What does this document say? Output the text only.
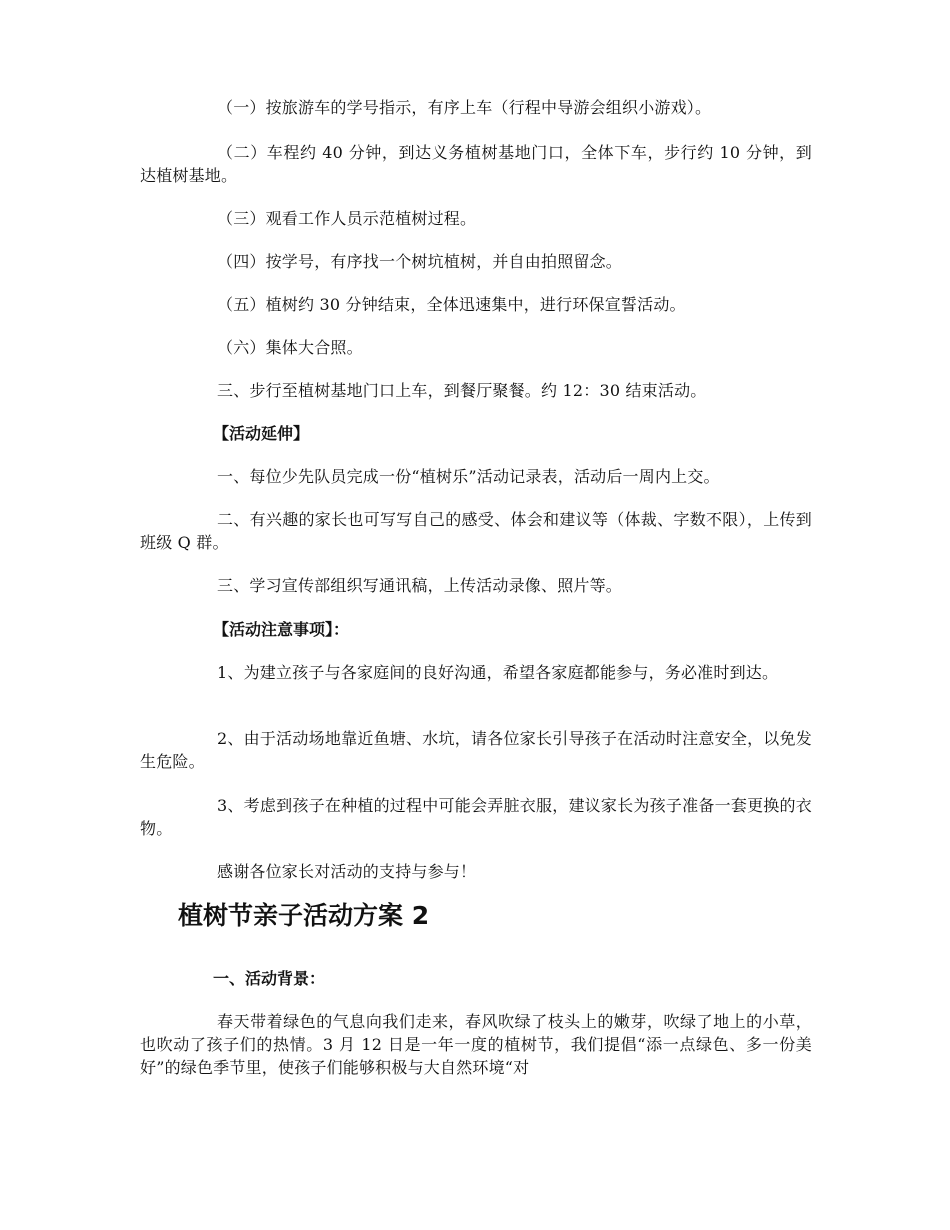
（一）按旅游车的学号指示，有序上车（行程中导游会组织小游戏）。

（二）车程约 40 分钟，到达义务植树基地门口，全体下车，步行约 10 分钟，到达植树基地。

（三）观看工作人员示范植树过程。

（四）按学号，有序找一个树坑植树，并自由拍照留念。

（五）植树约 30 分钟结束，全体迅速集中，进行环保宣誓活动。

（六）集体大合照。

三、步行至植树基地门口上车，到餐厅聚餐。约 12：30 结束活动。

【活动延伸】

一、每位少先队员完成一份“植树乐”活动记录表，活动后一周内上交。

二、有兴趣的家长也可写写自己的感受、体会和建议等（体裁、字数不限），上传到班级 Q 群。

三、学习宣传部组织写通讯稿，上传活动录像、照片等。

【活动注意事项】：

1、为建立孩子与各家庭间的良好沟通，希望各家庭都能参与，务必准时到达。

2、由于活动场地靠近鱼塘、水坑，请各位家长引导孩子在活动时注意安全，以免发生危险。

3、考虑到孩子在种植的过程中可能会弄脏衣服，建议家长为孩子准备一套更换的衣物。

感谢各位家长对活动的支持与参与！

植树节亲子活动方案 2

一、活动背景：

春天带着绿色的气息向我们走来，春风吹绿了枝头上的嫩芽，吹绿了地上的小草，也吹动了孩子们的热情。3 月 12 日是一年一度的植树节，我们提倡“添一点绿色、多一份美好”的绿色季节里，使孩子们能够积极与大自然环境“对
